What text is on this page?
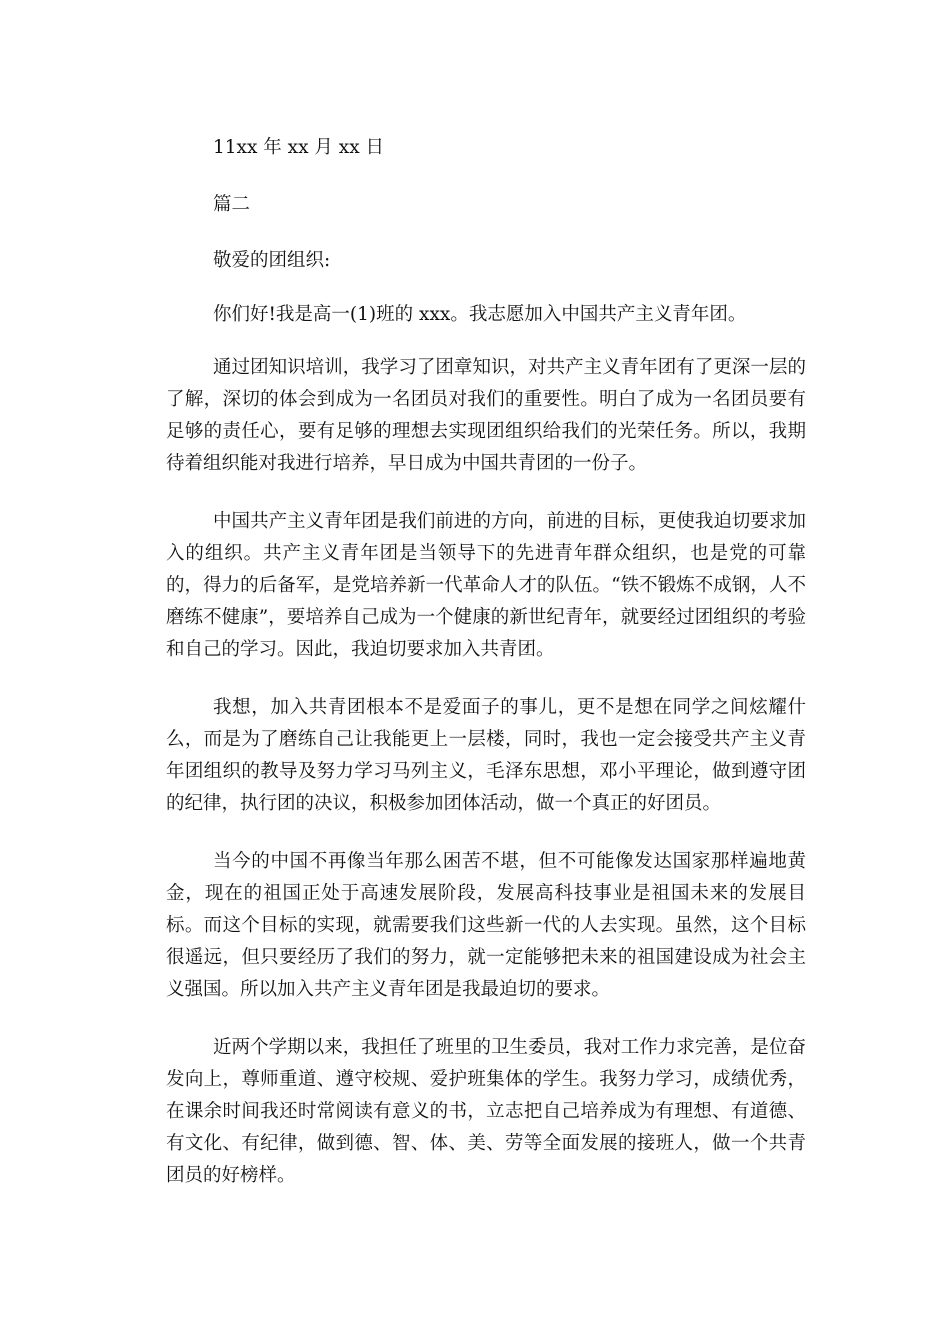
11xx 年 xx 月 xx 日
篇二
敬爱的团组织:
你们好!我是高一(1)班的 xxx。我志愿加入中国共产主义青年团。

通过团知识培训，我学习了团章知识，对共产主义青年团有了更深一层的了解，深切的体会到成为一名团员对我们的重要性。明白了成为一名团员要有足够的责任心，要有足够的理想去实现团组织给我们的光荣任务。所以，我期待着组织能对我进行培养，早日成为中国共青团的一份子。

中国共产主义青年团是我们前进的方向，前进的目标，更使我迫切要求加入的组织。共产主义青年团是当领导下的先进青年群众组织，也是党的可靠的，得力的后备军，是党培养新一代革命人才的队伍。“铁不锻炼不成钢，人不磨练不健康”，要培养自己成为一个健康的新世纪青年，就要经过团组织的考验和自己的学习。因此，我迫切要求加入共青团。

我想，加入共青团根本不是爱面子的事儿，更不是想在同学之间炫耀什么，而是为了磨练自己让我能更上一层楼，同时，我也一定会接受共产主义青年团组织的教导及努力学习马列主义，毛泽东思想，邓小平理论，做到遵守团的纪律，执行团的决议，积极参加团体活动，做一个真正的好团员。

当今的中国不再像当年那么困苦不堪，但不可能像发达国家那样遍地黄金，现在的祖国正处于高速发展阶段，发展高科技事业是祖国未来的发展目标。而这个目标的实现，就需要我们这些新一代的人去实现。虽然，这个目标很遥远，但只要经历了我们的努力，就一定能够把未来的祖国建设成为社会主义强国。所以加入共产主义青年团是我最迫切的要求。

近两个学期以来，我担任了班里的卫生委员，我对工作力求完善，是位奋发向上，尊师重道、遵守校规、爱护班集体的学生。我努力学习，成绩优秀，在课余时间我还时常阅读有意义的书，立志把自己培养成为有理想、有道德、有文化、有纪律，做到德、智、体、美、劳等全面发展的接班人，做一个共青团员的好榜样。
